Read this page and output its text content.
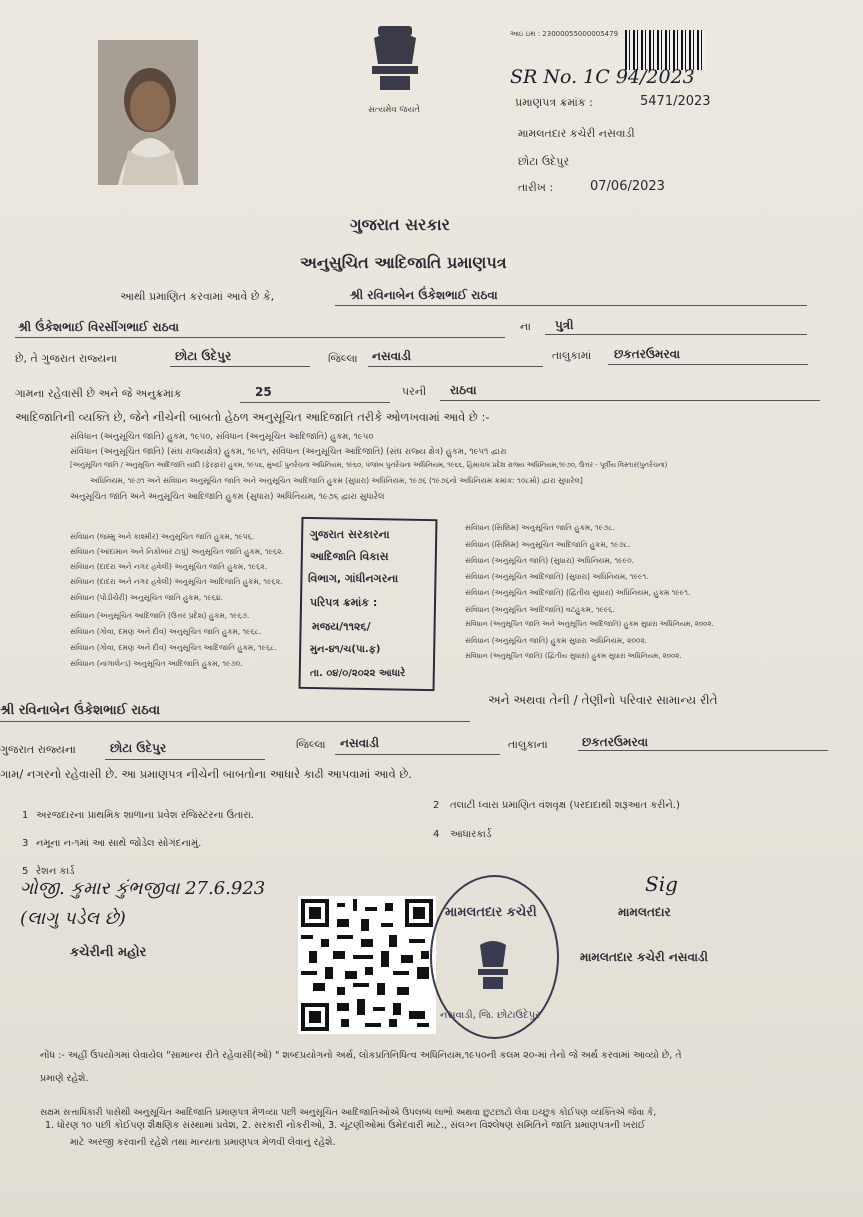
સત્યમેવ જયતે
આઇ ઇથ : 23000055000005479
SR No. 1C 94/2023
પ્રમાણપત્ર ક્રમાંક :	5471/2023
મામલતદાર કચેરી નસવાડી
છોટા ઉદેપુર
તારીખ :	07/06/2023
ગુજરાત સરકાર
અનુસુચિત આદિજાતિ પ્રમાણપત્ર
આથી પ્રમાણિત કરવામાં આવે છે કે,	શ્રી રવિનાબેન ઉંકેશભાઈ રાઠવા
શ્રી ઉંકેશભાઈ વિરસીંગભાઈ રાઠવા	ના પુત્રી
છે, તે ગુજરાત રાજ્યના	છોટા ઉદેપુર	જિલ્લા નસવાડી	તાલુકામાં છકતરઉમરવા
ગામના રહેવાસી છે અને જે અનુક્રમાંક	25	પરની રાઠવા
આદિજાતિની વ્યક્તિ છે, જેને નીચેની બાબતો હેઠળ અનુસૂચિત આદિજાતિ તરીકે ઓળખવામાં આવે છે :-
સંવિધાન (અનુસૂચિત જાતિ) હુકમ, ૧૯૫૦, સંવિધાન (અનુસૂચિત આદિજાતિ) હુકમ, ૧૯૫૦
સંવિધાન (અનુસૂચિત જાતિ) (સંઘ રાજ્યક્ષેત્ર) હુકમ, ૧૯૫૧, સંવિધાન (અનુસૂચિત આદિજાતિ) (સંઘ રાજ્ય ક્ષેત્ર) હુકમ, ૧૯૫૧ દ્વારા
[અનુસૂચિત જાતિ / અનુસૂચિત આદિજાતિ યાદી (ફેરફાર) હુકમ, ૧૯૫૬, મુંબઈ પુનર્રચના અધિનિયમ, ૧૯૬૦, પંજાબ પુનર્રચના અધિનિયમ, ૧૯૬૬, હિમાચલ પ્રદેશ રાજ્ય અધિનિયમ,૧૯૭૦, ઉત્તર - પૂર્વીય વિસ્તાર(પુનર્રચના)
અધિનિયમ, ૧૯૭૧ અને સંવિધાન અનુસૂચિત જાતિ અને અનુસૂચિત આદિજાતિ હુકમ (સુધારા) અધિનિયમ, ૧૯૭૬ (૧૯૭૬નો અધિનિયમ ક્રમાંક: ૧૦૮મો) દ્વારા સુધારેલ]
અનુસૂચિત જાતિ અને અનુસૂચિત આદિજાતિ હુકમ (સુધારા) અધિનિયમ, ૧૯૭૬ દ્વારા સુધારેલ
સંવિધાન (જમ્મુ અને કાશ્મીર) અનુસૂચિત જાતિ હુકમ, ૧૯૫૬.
સંવિધાન (આંદામાન અને નિકોબાર ટાપુ) અનુસૂચિત જાતિ હુકમ, ૧૯૬૨.
સંવિધાન (દાદરા અને નગર હવેલી) અનુસૂચિત જાતિ હુકમ, ૧૯૬૨.
સંવિધાન (દાદરા અને નગર હવેલી) અનુસૂચિત આદિજાતિ હુકમ, ૧૯૬૨.
સંવિધાન (પોંડીચેરી) અનુસૂચિત જાતિ હુકમ, ૧૯૬૪.
સંવિધાન (અનુસૂચિત આદિજાતિ (ઉત્તર પ્રદેશ) હુકમ, ૧૯૬૭.
સંવિધાન (ગોવા, દમણ અને દીવ) અનુસૂચિત જાતિ હુકમ, ૧૯૬૮.
સંવિધાન (ગોવા, દમણ અને દીવ) અનુસૂચિત આદિજાતિ હુકમ, ૧૯૬૮.
સંવિધાન (નાગાલેન્ડ) અનુસૂચિત આદિજાતિ હુકમ, ૧૯૭૦.
ગુજરાત સરકારના
આદિજાતિ વિકાસ
વિભાગ, ગાંધીનગરના
પરિપત્ર ક્રમાંક :
મજય/૧૧૨૬/
મુન-૪૧/ચ(પા.ફ)
તા. ૦૪/૦/૨૦૨૨ આધારે
સંવિધાન (સિક્કિમ) અનુસૂચિત જાતિ હુકમ, ૧૯૭૮.
સંવિધાન (સિક્કિમ) અનુસૂચિત આદિજાતિ હુકમ, ૧૯૭૮.
સંવિધાન (અનુસૂચિત જાતિ) (સુધારા) અધિનિયમ, ૧૯૯૦.
સંવિધાન (અનુસૂચિત આદિજાતિ) (સુધારા) અધિનિયમ, ૧૯૯૧.
સંવિધાન (અનુસૂચિત આદિજાતિ) (દ્વિતીય સુધારા) અધિનિયમ, હુકમ ૧૯૯૧.
સંવિધાન (અનુસૂચિત આદિજાતિ) વટહુકમ, ૧૯૯૬.
સંવિધાન (અનુસૂચિત જાતિ અને અનુસૂચિત આદિજાતિ) હુકમ સુધારા અધિનિયમ, ૨૦૦૨.
સંવિધાન (અનુસૂચિત જાતિ) હુકમ સુધારા અધિનિયમ, ૨૦૦૨.
સંવિધાન (અનુસૂચિત જાતિ) (દ્વિતીય સુધારા) હુકમ સુધારા અધિનિયમ, ૨૦૦૨.
શ્રી રવિનાબેન ઉંકેશભાઈ રાઠવા
અને અથવા તેની / તેણીનો પરિવાર સામાન્ય રીતે
ગુજરાત રાજ્યના	છોટા ઉદેપુર	જિલ્લા નસવાડી	તાલુકાના	છકતરઉમરવા
ગામ/ નગરનો રહેવાસી છે. આ પ્રમાણપત્ર નીચેની બાબતોના આધારે કાઢી આપવામાં આવે છે.
1 અરજદારના પ્રાથમિક શાળાના પ્રવેશ રજિસ્ટરના ઉતારા.
2 તલાટી ધ્વારા પ્રમાણિત વંશવૃક્ષ (પરદાદાથી શરૂઆત કરીને.)
3 નમૂના ન-૧માં આ સાથે જોડેલ સોગંદનામું.
4 આધારકાર્ડ
5 રેશન કાર્ડ
ગોજી. કુમાર કુંભજીવા 27.6.923
(લાગુ પડેલ છે)
કચેરીની મહોર
મામલતદાર કચેરી
નસવાડી, જિ. છોટાઉદેપુર
Sig
મામલતદાર
મામલતદાર કચેરી નસવાડી
નોંધ :- અહીં ઉપયોગમાં લેવાયેલ "સામાન્ય રીતે રહેવાસી(ઓ) " શબ્દપ્રયોગનો અર્થ, લોકપ્રતિનિધિત્વ અધિનિયમ,૧૯૫૦ની કલમ ૨૦-માં તેનો જે અર્થ કરવામાં આવ્યો છે, તે
પ્રમાણે રહેશે.
સક્ષમ સત્તાધિકારી પાસેથી અનુસૂચિત આદિજાતિ પ્રમાણપત્ર મેળવ્યા પછી અનુસૂચિત આદિજાતિઓએ ઉપલબ્ધ લાભો અથવા છુટછાટો લેવા ઇચ્છુક કોઈપણ વ્યક્તિએ જેવા કે,
1. ધોરણ ૧૦ પછી કોઈપણ શૈક્ષણિક સંસ્થામાં પ્રવેશ, 2. સરકારી નોકરીઓ, 3. ચૂંટણીઓમાં ઉમેદવારી માટે., સંલગ્ન વિશ્લેષણ સમિતિને જાતિ પ્રમાણપત્રની ખરાઈ
માટે અરજી કરવાની રહેશે તથા માન્યતા પ્રમાણપત્ર મેળવી લેવાનું રહેશે.
